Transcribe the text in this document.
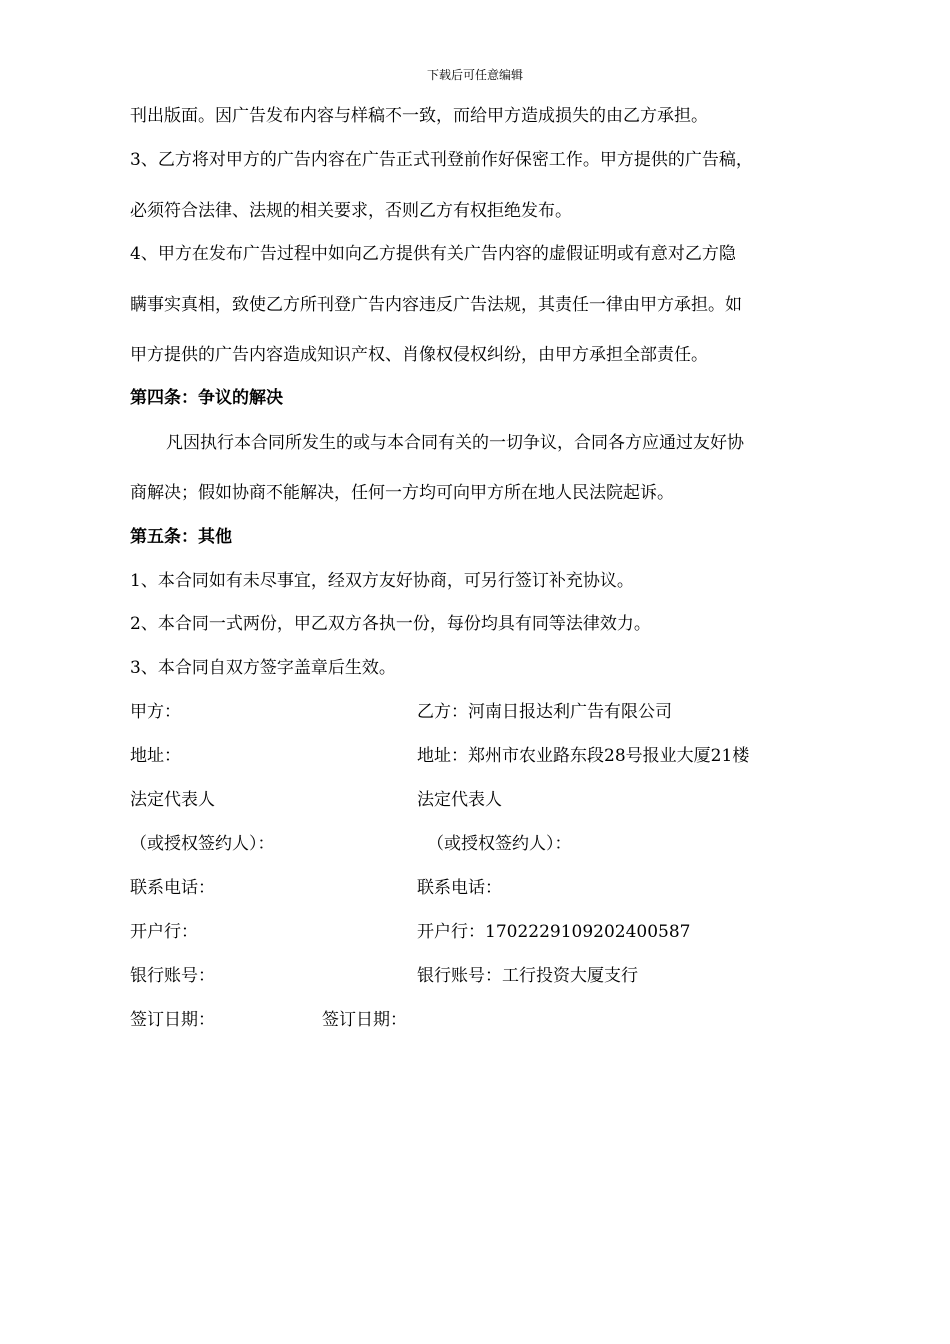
下载后可任意编辑
刊出版面。因广告发布内容与样稿不一致，而给甲方造成损失的由乙方承担。
3、乙方将对甲方的广告内容在广告正式刊登前作好保密工作。甲方提供的广告稿，
必须符合法律、法规的相关要求，否则乙方有权拒绝发布。
4、甲方在发布广告过程中如向乙方提供有关广告内容的虚假证明或有意对乙方隐
瞒事实真相，致使乙方所刊登广告内容违反广告法规，其责任一律由甲方承担。如
甲方提供的广告内容造成知识产权、肖像权侵权纠纷，由甲方承担全部责任。
第四条：争议的解决
凡因执行本合同所发生的或与本合同有关的一切争议，合同各方应通过友好协
商解决；假如协商不能解决，任何一方均可向甲方所在地人民法院起诉。
第五条：其他
1、本合同如有未尽事宜，经双方友好协商，可另行签订补充协议。
2、本合同一式两份，甲乙双方各执一份，每份均具有同等法律效力。
3、本合同自双方签字盖章后生效。
甲方：	乙方：河南日报达利广告有限公司
地址：	地址：郑州市农业路东段28号报业大厦21楼
法定代表人	法定代表人
（或授权签约人）：	（或授权签约人）：
联系电话：	联系电话：
开户行：	开户行：1702229109202400587
银行账号：	银行账号：工行投资大厦支行
签订日期：	签订日期：
